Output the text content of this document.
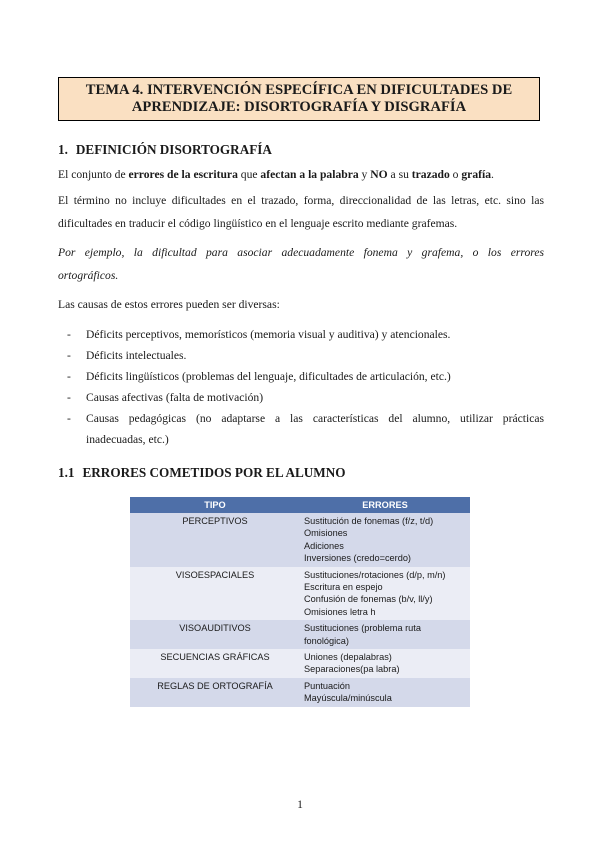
TEMA 4. INTERVENCIÓN ESPECÍFICA EN DIFICULTADES DE
APRENDIZAJE: DISORTOGRAFÍA Y DISGRAFÍA
1. DEFINICIÓN DISORTOGRAFÍA
El conjunto de errores de la escritura que afectan a la palabra y NO a su trazado o grafía.
El término no incluye dificultades en el trazado, forma, direccionalidad de las letras, etc. sino las
dificultades en traducir el código lingüístico en el lenguaje escrito mediante grafemas.
Por ejemplo, la dificultad para asociar adecuadamente fonema y grafema, o los errores
ortográficos.
Las causas de estos errores pueden ser diversas:
- Déficits perceptivos, memorísticos (memoria visual y auditiva) y atencionales.
- Déficits intelectuales.
- Déficits lingüísticos (problemas del lenguaje, dificultades de articulación, etc.)
- Causas afectivas (falta de motivación)
- Causas pedagógicas (no adaptarse a las características del alumno, utilizar prácticas
inadecuadas, etc.)
1.1 ERRORES COMETIDOS POR EL ALUMNO
TIPO	ERRORES
PERCEPTIVOS	Sustitución de fonemas (f/z, t/d)
Omisiones
Adiciones
Inversiones (credo=cerdo)

VISOESPACIALES	Sustituciones/rotaciones (d/p, m/n)
Escritura en espejo
Confusión de fonemas (b/v, ll/y)
Omisiones letra h

VISOAUDITIVOS	Sustituciones (problema ruta
fonológica)

SECUENCIAS GRÁFICAS	Uniones (depalabras)
Separaciones(pa labra)

REGLAS DE ORTOGRAFÍA	Puntuación
Mayúscula/minúscula
1
